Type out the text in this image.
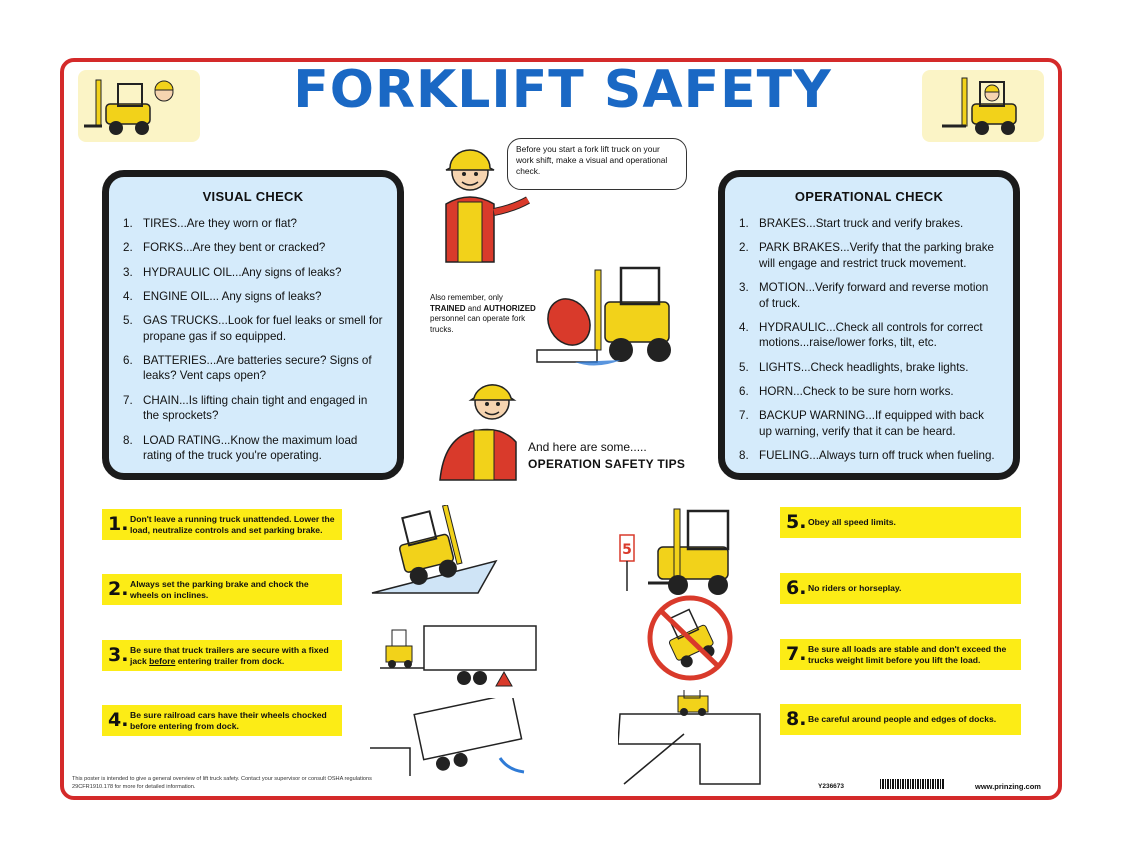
FORKLIFT SAFETY
VISUAL CHECK
1. TIRES...Are they worn or flat?
2. FORKS...Are they bent or cracked?
3. HYDRAULIC OIL...Any signs of leaks?
4. ENGINE OIL... Any signs of leaks?
5. GAS TRUCKS...Look for fuel leaks or smell for propane gas if so equipped.
6. BATTERIES...Are batteries secure? Signs of leaks? Vent caps open?
7. CHAIN...Is lifting chain tight and engaged in the sprockets?
8. LOAD RATING...Know the maximum load rating of the truck you're operating.
OPERATIONAL CHECK
1. BRAKES...Start truck and verify brakes.
2. PARK BRAKES...Verify that the parking brake will engage and restrict truck movement.
3. MOTION...Verify forward and reverse motion of truck.
4. HYDRAULIC...Check all controls for correct motions...raise/lower forks, tilt, etc.
5. LIGHTS...Check headlights, brake lights.
6. HORN...Check to be sure horn works.
7. BACKUP WARNING...If equipped with back up warning, verify that it can be heard.
8. FUELING...Always turn off truck when fueling.
Before you start a fork lift truck on your work shift, make a visual and operational check.
Also remember, only TRAINED and AUTHORIZED personnel can operate fork trucks.
And here are some.....
OPERATION SAFETY TIPS
1. Don't leave a running truck unattended. Lower the load, neutralize controls and set parking brake.
2. Always set the parking brake and chock the wheels on inclines.
3. Be sure that truck trailers are secure with a fixed jack before entering trailer from dock.
4. Be sure railroad cars have their wheels chocked before entering from dock.
5. Obey all speed limits.
6. No riders or horseplay.
7. Be sure all loads are stable and don't exceed the trucks weight limit before you lift the load.
8. Be careful around people and edges of docks.
5
This poster is intended to give a general overview of lift truck safety. Contact your supervisor or consult OSHA regulations 29CFR1910.178 for more for detailed information.	Y236673	www.prinzing.com
